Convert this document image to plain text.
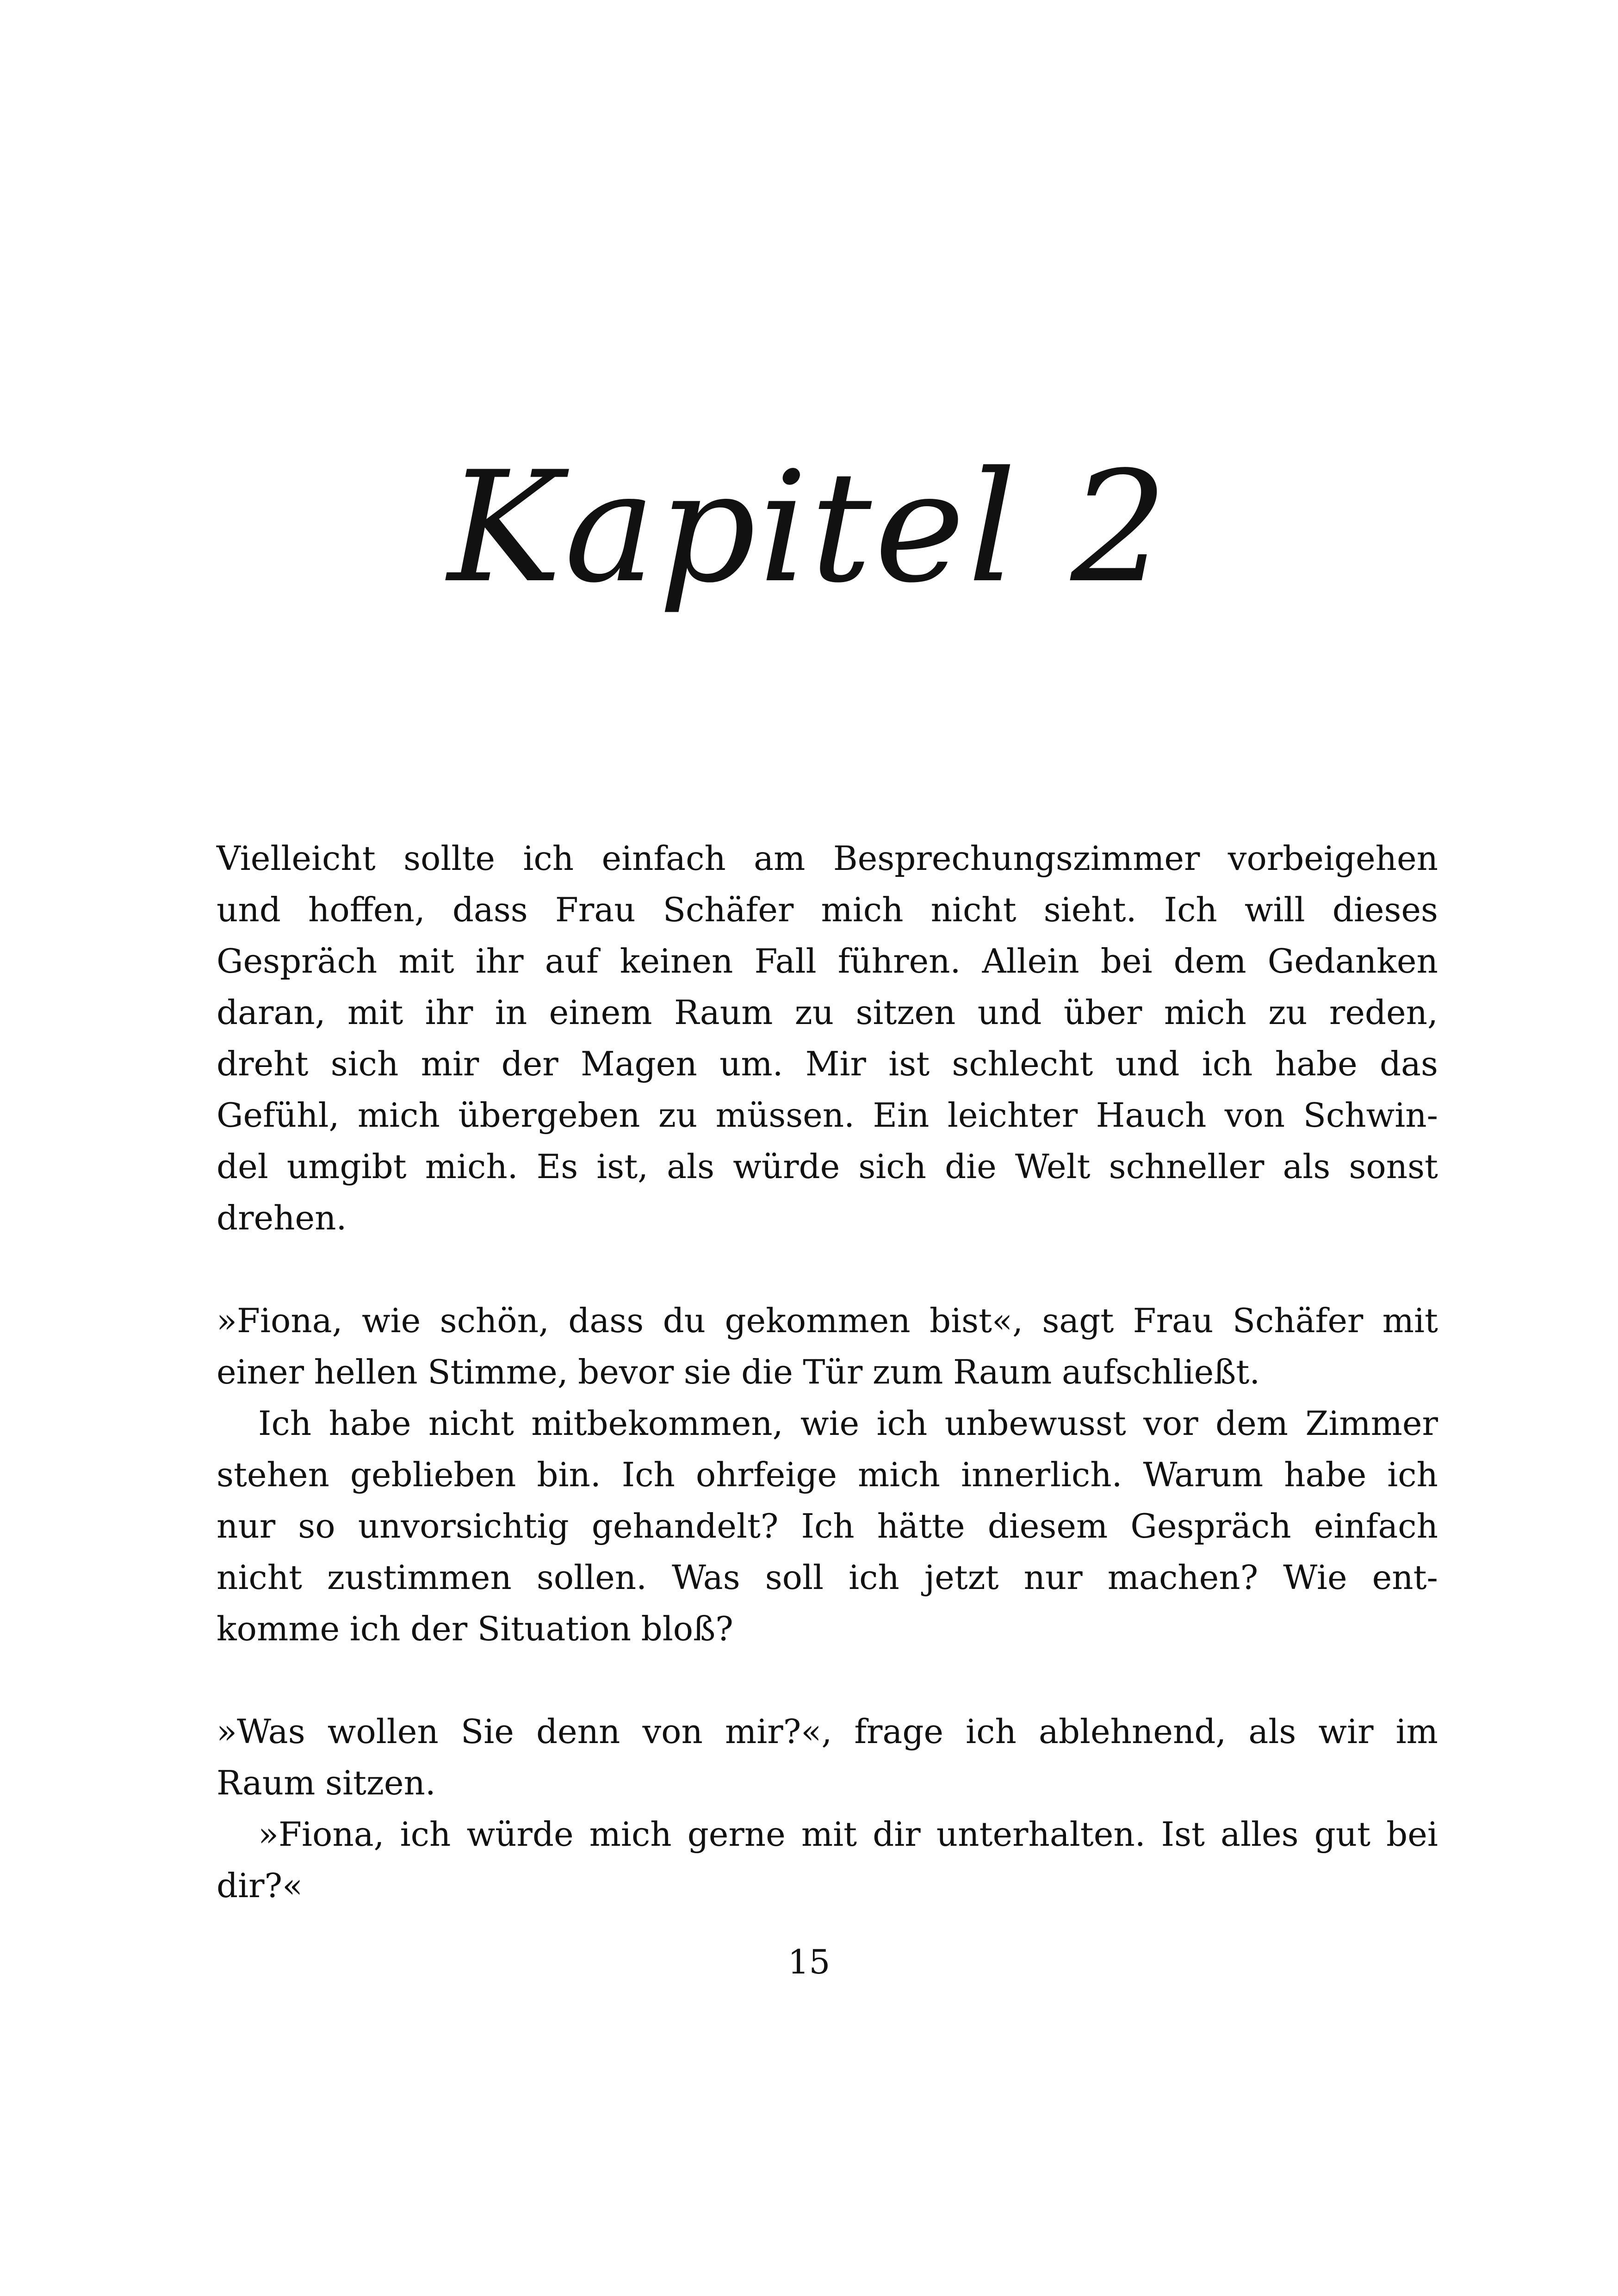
Kapitel 2
Vielleicht sollte ich einfach am Besprechungszimmer vorbeigehen
und hoffen, dass Frau Schäfer mich nicht sieht. Ich will dieses
Gespräch mit ihr auf keinen Fall führen. Allein bei dem Gedanken
daran, mit ihr in einem Raum zu sitzen und über mich zu reden,
dreht sich mir der Magen um. Mir ist schlecht und ich habe das
Gefühl, mich übergeben zu müssen. Ein leichter Hauch von Schwin-
del umgibt mich. Es ist, als würde sich die Welt schneller als sonst
drehen.
»Fiona, wie schön, dass du gekommen bist«, sagt Frau Schäfer mit
einer hellen Stimme, bevor sie die Tür zum Raum aufschließt.
Ich habe nicht mitbekommen, wie ich unbewusst vor dem Zimmer
stehen geblieben bin. Ich ohrfeige mich innerlich. Warum habe ich
nur so unvorsichtig gehandelt? Ich hätte diesem Gespräch einfach
nicht zustimmen sollen. Was soll ich jetzt nur machen? Wie ent-
komme ich der Situation bloß?
»Was wollen Sie denn von mir?«, frage ich ablehnend, als wir im
Raum sitzen.
»Fiona, ich würde mich gerne mit dir unterhalten. Ist alles gut bei
dir?«
15
